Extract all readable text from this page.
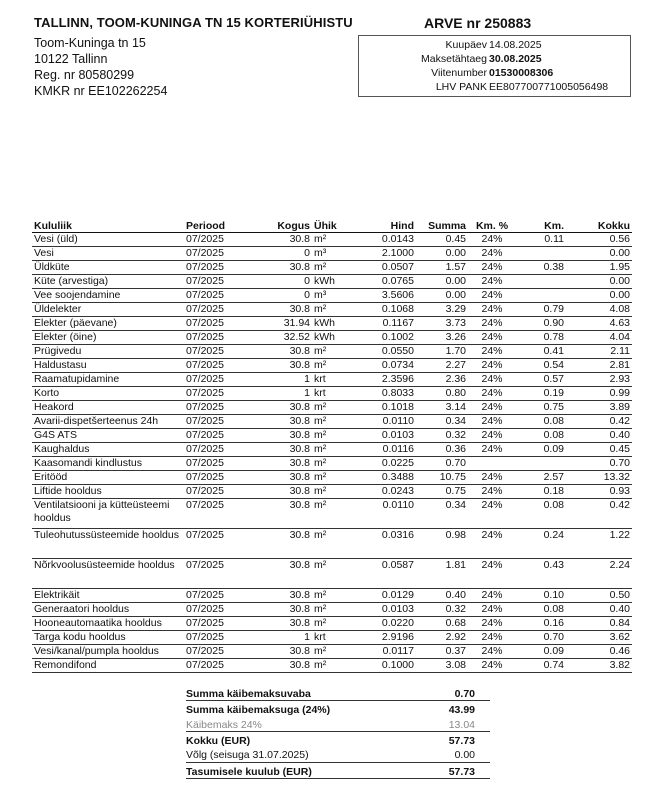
TALLINN, TOOM-KUNINGA TN 15 KORTERIÜHISTU	ARVE nr 250883
Toom-Kuninga tn 15
10122 Tallinn
Reg. nr 80580299
KMKR nr EE102262254
Kuupäev 14.08.2025
Maksetähtaeg 30.08.2025
Viitenumber 01530008306
LHV PANK EE807700771005056498
Kululiik	Periood	Kogus	Ühik	Hind	Summa	Km. %	Km.	Kokku
Vesi (üld)	07/2025	30.8	m²	0.0143	0.45	24%	0.11	0.56
Vesi	07/2025	0	m³	2.1000	0.00	24%		0.00
Üldküte	07/2025	30.8	m²	0.0507	1.57	24%	0.38	1.95
Küte (arvestiga)	07/2025	0	kWh	0.0765	0.00	24%		0.00
Vee soojendamine	07/2025	0	m³	3.5606	0.00	24%		0.00
Üldelekter	07/2025	30.8	m²	0.1068	3.29	24%	0.79	4.08
Elekter (päevane)	07/2025	31.94	kWh	0.1167	3.73	24%	0.90	4.63
Elekter (öine)	07/2025	32.52	kWh	0.1002	3.26	24%	0.78	4.04
Prügivedu	07/2025	30.8	m²	0.0550	1.70	24%	0.41	2.11
Haldustasu	07/2025	30.8	m²	0.0734	2.27	24%	0.54	2.81
Raamatupidamine	07/2025	1	krt	2.3596	2.36	24%	0.57	2.93
Korto	07/2025	1	krt	0.8033	0.80	24%	0.19	0.99
Heakord	07/2025	30.8	m²	0.1018	3.14	24%	0.75	3.89
Avarii-dispetšerteenus 24h	07/2025	30.8	m²	0.0110	0.34	24%	0.08	0.42
G4S ATS	07/2025	30.8	m²	0.0103	0.32	24%	0.08	0.40
Kaughaldus	07/2025	30.8	m²	0.0116	0.36	24%	0.09	0.45
Kaasomandi kindlustus	07/2025	30.8	m²	0.0225	0.70			0.70
Eritööd	07/2025	30.8	m²	0.3488	10.75	24%	2.57	13.32
Liftide hooldus	07/2025	30.8	m²	0.0243	0.75	24%	0.18	0.93
Ventilatsiooni ja kütteüsteemi hooldus	07/2025	30.8	m²	0.0110	0.34	24%	0.08	0.42
Tuleohutussüsteemide hooldus	07/2025	30.8	m²	0.0316	0.98	24%	0.24	1.22
Nõrkvoolusüsteemide hooldus	07/2025	30.8	m²	0.0587	1.81	24%	0.43	2.24
Elektrikäit	07/2025	30.8	m²	0.0129	0.40	24%	0.10	0.50
Generaatori hooldus	07/2025	30.8	m²	0.0103	0.32	24%	0.08	0.40
Hooneautomaatika hooldus	07/2025	30.8	m²	0.0220	0.68	24%	0.16	0.84
Targa kodu hooldus	07/2025	1	krt	2.9196	2.92	24%	0.70	3.62
Vesi/kanal/pumpla hooldus	07/2025	30.8	m²	0.0117	0.37	24%	0.09	0.46
Remondifond	07/2025	30.8	m²	0.1000	3.08	24%	0.74	3.82
Summa käibemaksuvaba	0.70
Summa käibemaksuga (24%)	43.99
Käibemaks 24%	13.04
Kokku (EUR)	57.73
Võlg (seisuga 31.07.2025)	0.00
Tasumisele kuulub (EUR)	57.73
